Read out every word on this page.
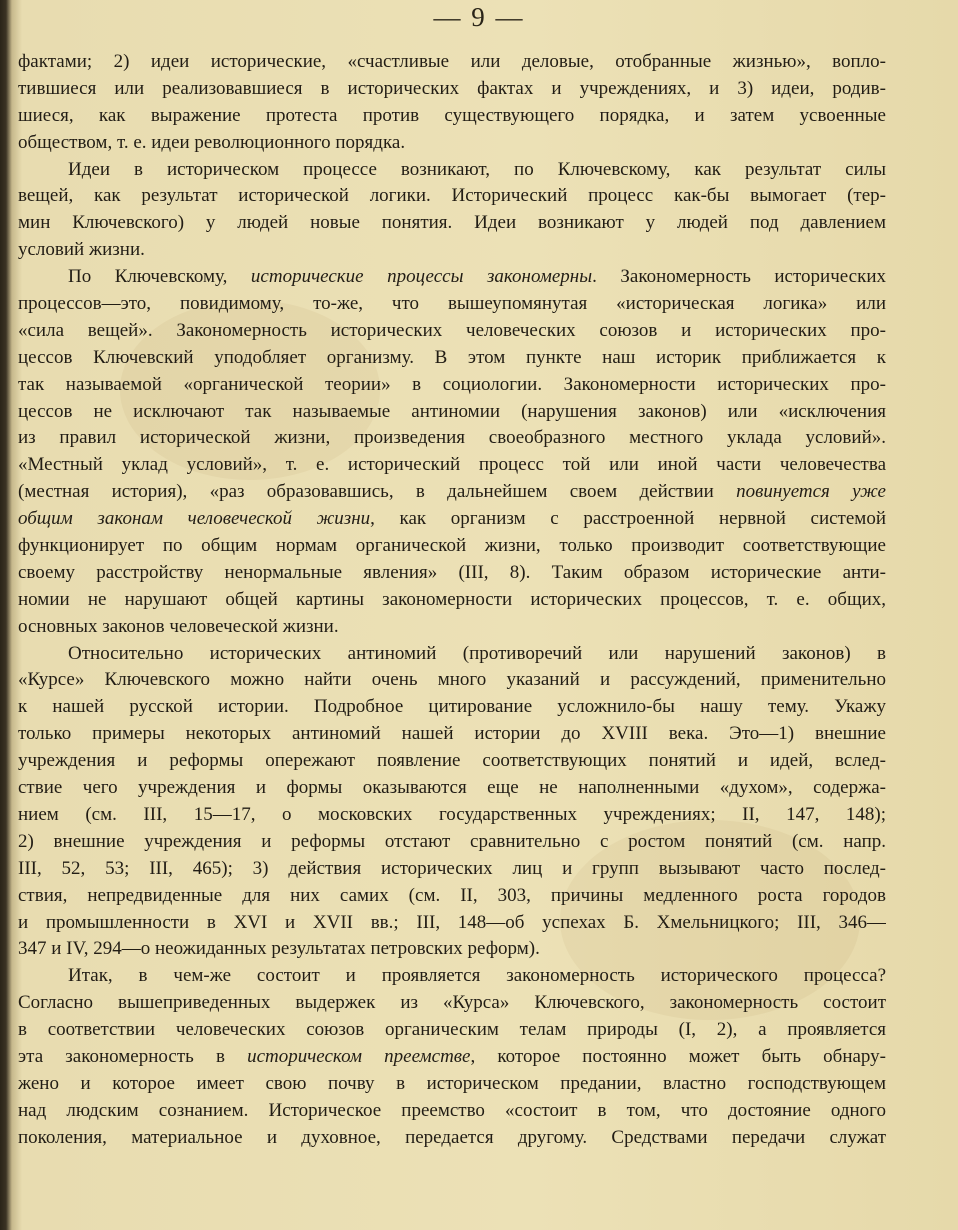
— 9 —
фактами; 2) идеи исторические, «счастливые или деловые, отобранные жизнью», вопло-
тившиеся или реализовавшиеся в исторических фактах и учреждениях, и 3) идеи, родив-
шиеся, как выражение протеста против существующего порядка, и затем усвоенные
обществом, т. е. идеи революционного порядка.
Идеи в историческом процессе возникают, по Ключевскому, как результат силы
вещей, как результат исторической логики. Исторический процесс как-бы вымогает (тер-
мин Ключевского) у людей новые понятия. Идеи возникают у людей под давлением
условий жизни.
По Ключевскому, исторические процессы закономерны. Закономерность исторических
процессов—это, повидимому, то-же, что вышеупомянутая «историческая логика» или
«сила вещей». Закономерность исторических человеческих союзов и исторических про-
цессов Ключевский уподобляет организму. В этом пункте наш историк приближается к
так называемой «органической теории» в социологии. Закономерности исторических про-
цессов не исключают так называемые антиномии (нарушения законов) или «исключения
из правил исторической жизни, произведения своеобразного местного уклада условий».
«Местный уклад условий», т. е. исторический процесс той или иной части человечества
(местная история), «раз образовавшись, в дальнейшем своем действии повинуется уже
общим законам человеческой жизни, как организм с расстроенной нервной системой
функционирует по общим нормам органической жизни, только производит соответствующие
своему расстройству ненормальные явления» (III, 8). Таким образом исторические анти-
номии не нарушают общей картины закономерности исторических процессов, т. е. общих,
основных законов человеческой жизни.
Относительно исторических антиномий (противоречий или нарушений законов) в
«Курсе» Ключевского можно найти очень много указаний и рассуждений, применительно
к нашей русской истории. Подробное цитирование усложнило-бы нашу тему. Укажу
только примеры некоторых антиномий нашей истории до XVIII века. Это—1) внешние
учреждения и реформы опережают появление соответствующих понятий и идей, вслед-
ствие чего учреждения и формы оказываются еще не наполненными «духом», содержа-
нием (см. III, 15—17, о московских государственных учреждениях; II, 147, 148);
2) внешние учреждения и реформы отстают сравнительно с ростом понятий (см. напр.
III, 52, 53; III, 465); 3) действия исторических лиц и групп вызывают часто послед-
ствия, непредвиденные для них самих (см. II, 303, причины медленного роста городов
и промышленности в XVI и XVII вв.; III, 148—об успехах Б. Хмельницкого; III, 346—
347 и IV, 294—о неожиданных результатах петровских реформ).
Итак, в чем-же состоит и проявляется закономерность исторического процесса?
Согласно вышеприведенных выдержек из «Курса» Ключевского, закономерность состоит
в соответствии человеческих союзов органическим телам природы (I, 2), а проявляется
эта закономерность в историческом преемстве, которое постоянно может быть обнару-
жено и которое имеет свою почву в историческом предании, властно господствующем
над людским сознанием. Историческое преемство «состоит в том, что достояние одного
поколения, материальное и духовное, передается другому. Средствами передачи служат
